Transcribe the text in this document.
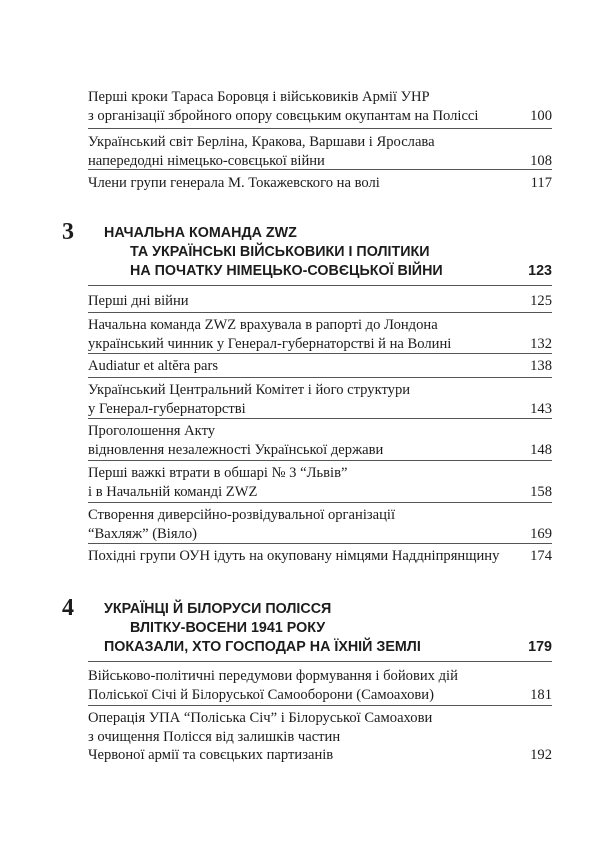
Перші кроки Тараса Боровця і військовиків Армії УНР
з організації збройного опору совєцьким окупантам на Поліссі	100
Український світ Берліна, Кракова, Варшави і Ярослава
напередодні німецько-совєцької війни	108
Члени групи генерала М. Токажевского на волі	117
3 НАЧАЛЬНА КОМАНДА ZWZ
ТА УКРАЇНСЬКІ ВІЙСЬКОВИКИ І ПОЛІТИКИ
НА ПОЧАТКУ НІМЕЦЬКО-СОВЄЦЬКОЇ ВІЙНИ	123
Перші дні війни	125
Начальна команда ZWZ врахувала в рапорті до Лондона
український чинник у Генерал-губернаторстві й на Волині	132
Audiatur et altĕra pars	138
Український Центральний Комітет і його структури
у Генерал-губернаторстві	143
Проголошення Акту
відновлення незалежності Української держави	148
Перші важкі втрати в обшарі № 3 “Львів”
і в Начальній команді ZWZ	158
Створення диверсійно-розвідувальної організації
“Вахляж” (Віяло)	169
Похідні групи ОУН ідуть на окуповану німцями Наддніпрянщину	174
4 УКРАЇНЦІ Й БІЛОРУСИ ПОЛІССЯ
ВЛІТКУ-ВОСЕНИ 1941 РОКУ
ПОКАЗАЛИ, ХТО ГОСПОДАР НА ЇХНІЙ ЗЕМЛІ	179
Військово-політичні передумови формування і бойових дій
Поліської Січі й Білоруської Самооборони (Самоахови)	181
Операція УПА “Поліська Січ” і Білоруської Самоахови
з очищення Полісся від залишків частин
Червоної армії та совєцьких партизанів	192
